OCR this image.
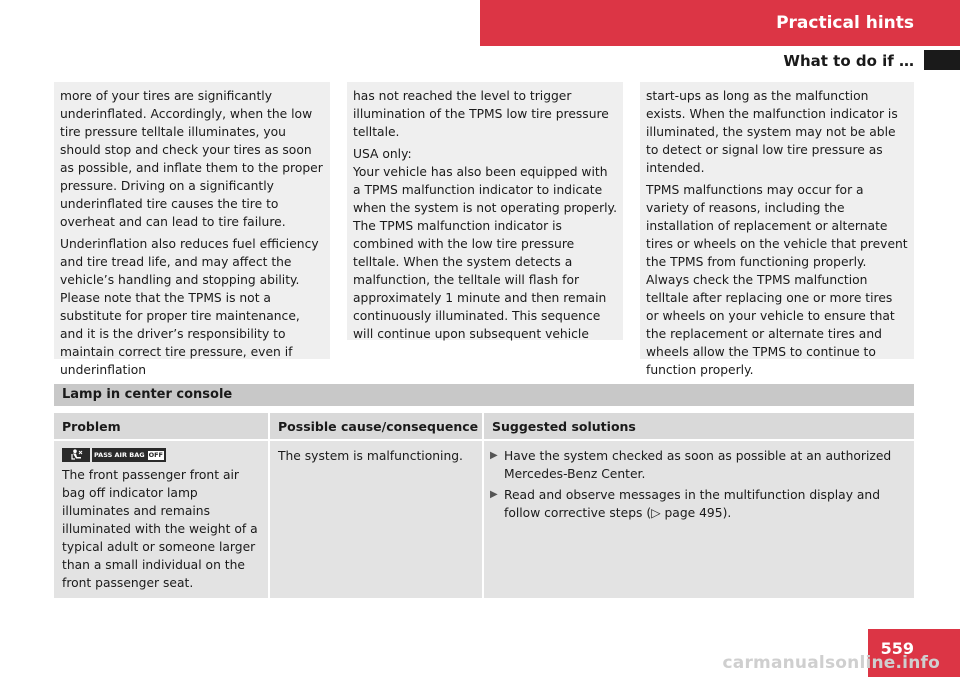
Practical hints
What to do if …

more of your tires are significantly underinflated. Accordingly, when the low tire pressure telltale illuminates, you should stop and check your tires as soon as possible, and inflate them to the proper pressure. Driving on a significantly underinflated tire causes the tire to overheat and can lead to tire failure.

Underinflation also reduces fuel efficiency and tire tread life, and may affect the vehicle’s handling and stopping ability. Please note that the TPMS is not a substitute for proper tire maintenance, and it is the driver’s responsibility to maintain correct tire pressure, even if underinflation

has not reached the level to trigger illumination of the TPMS low tire pressure telltale.

USA only:

Your vehicle has also been equipped with a TPMS malfunction indicator to indicate when the system is not operating properly. The TPMS malfunction indicator is combined with the low tire pressure telltale. When the system detects a malfunction, the telltale will flash for approximately 1 minute and then remain continuously illuminated. This sequence will continue upon subsequent vehicle

start-ups as long as the malfunction exists. When the malfunction indicator is illuminated, the system may not be able to detect or signal low tire pressure as intended.

TPMS malfunctions may occur for a variety of reasons, including the installation of replacement or alternate tires or wheels on the vehicle that prevent the TPMS from functioning properly. Always check the TPMS malfunction telltale after replacing one or more tires or wheels on your vehicle to ensure that the replacement or alternate tires and wheels allow the TPMS to continue to function properly.

Lamp in center console
Problem	Possible cause/consequence	Suggested solutions
PASS AIR BAG OFF
The front passenger front air bag off indicator lamp illuminates and remains illuminated with the weight of a typical adult or someone larger than a small individual on the front passenger seat.
The system is malfunctioning.	▶ Have the system checked as soon as possible at an authorized Mercedes-Benz Center.
▶ Read and observe messages in the multifunction display and follow corrective steps (▷ page 495).
559
carmanualsonline.info
